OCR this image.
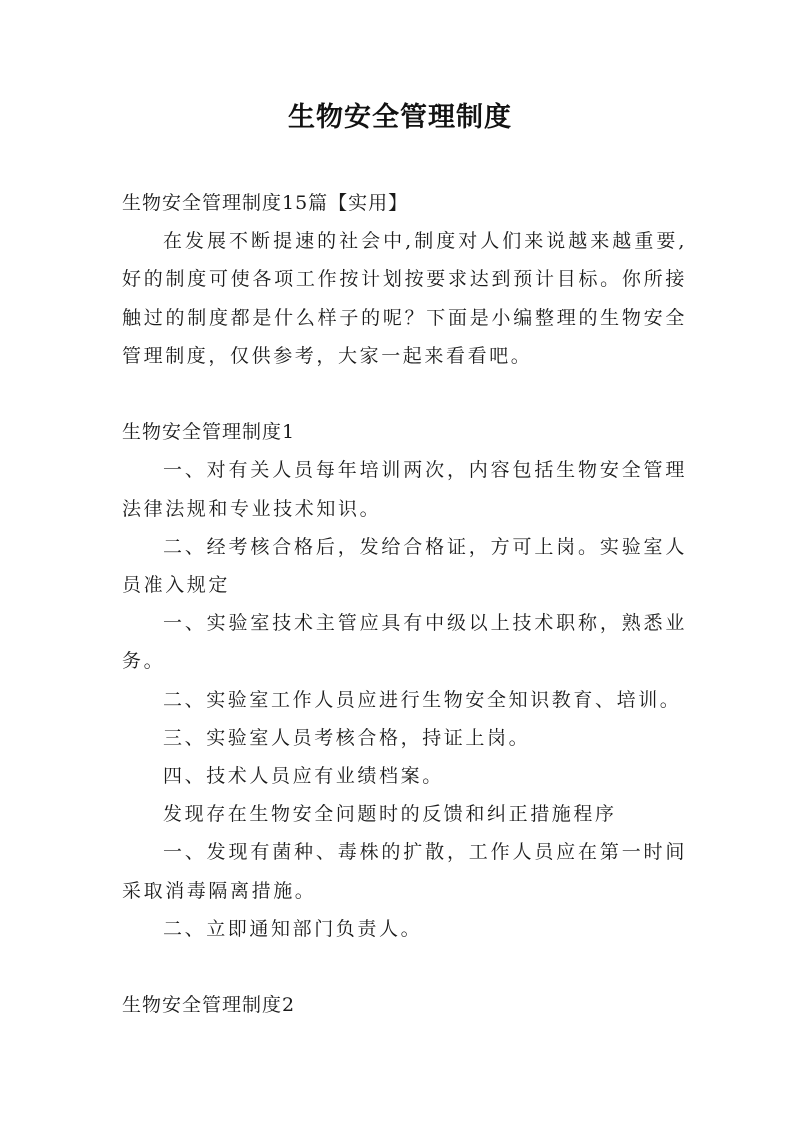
生物安全管理制度

生物安全管理制度15篇【实用】

在发展不断提速的社会中,制度对人们来说越来越重要,好的制度可使各项工作按计划按要求达到预计目标。你所接触过的制度都是什么样子的呢？下面是小编整理的生物安全管理制度，仅供参考，大家一起来看看吧。

生物安全管理制度1

一、对有关人员每年培训两次，内容包括生物安全管理法律法规和专业技术知识。

二、经考核合格后，发给合格证，方可上岗。实验室人员准入规定

一、实验室技术主管应具有中级以上技术职称，熟悉业务。

二、实验室工作人员应进行生物安全知识教育、培训。

三、实验室人员考核合格，持证上岗。

四、技术人员应有业绩档案。

发现存在生物安全问题时的反馈和纠正措施程序

一、发现有菌种、毒株的扩散，工作人员应在第一时间采取消毒隔离措施。

二、立即通知部门负责人。

生物安全管理制度2
